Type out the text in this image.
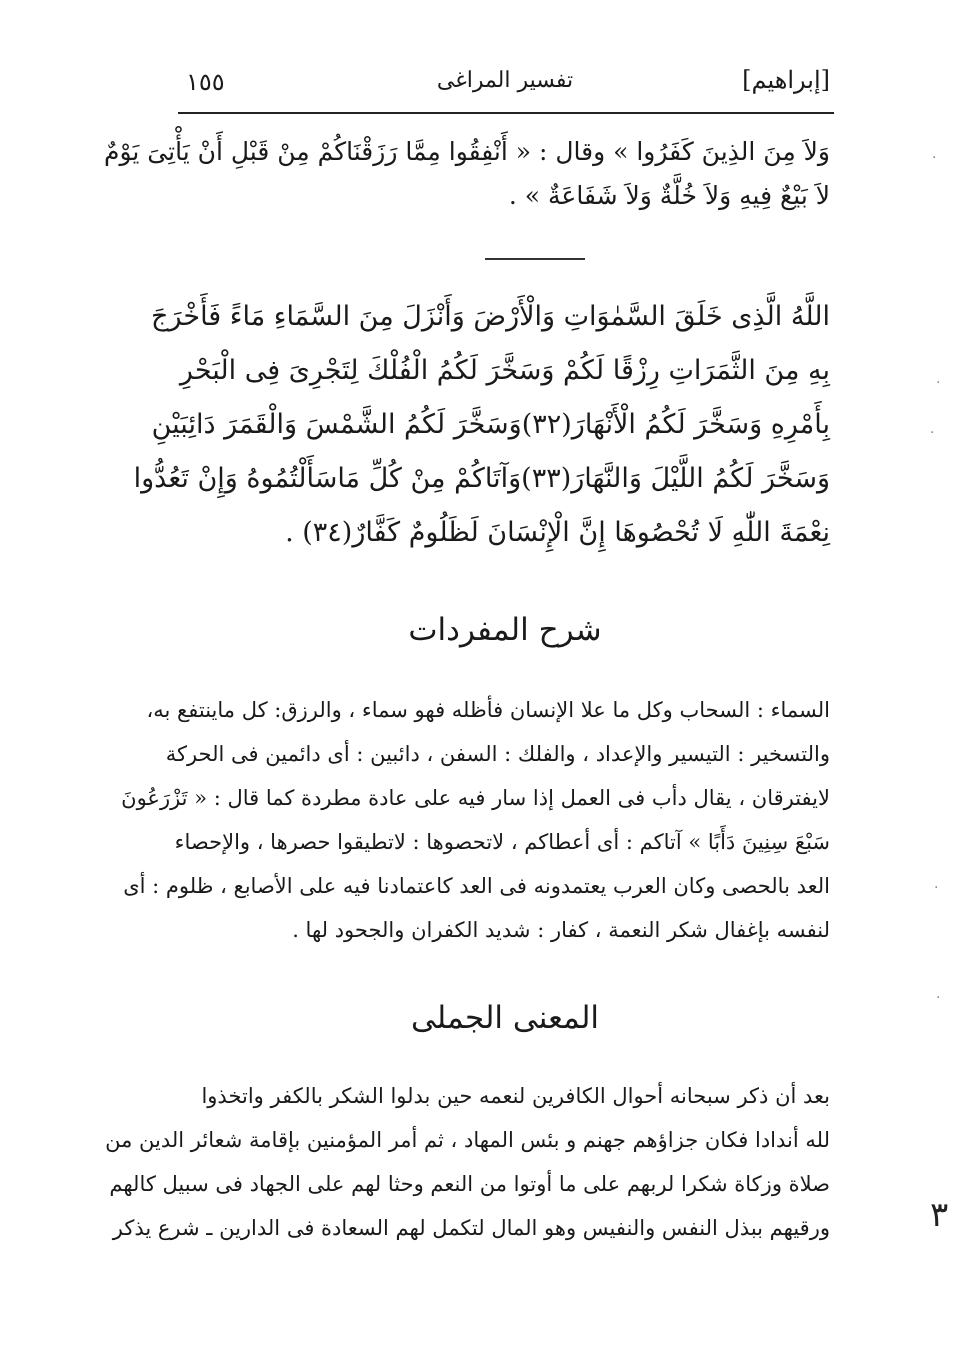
١٥٥	تفسير المراغى	[إبراهيم]
وَلاَ مِنَ الذِينَ كَفَرُوا » وقال : « أَنْفِقُوا مِمَّا رَزَقْنَاكُمْ مِنْ قَبْلِ أَنْ يَأْتِىَ يَوْمٌ
لاَ بَيْعٌ فِيهِ وَلاَ خُلَّةٌ وَلاَ شَفَاعَةٌ » .
اللَّهُ الَّذِى خَلَقَ السَّمٰوَاتِ وَالْأَرْضَ وَأَنْزَلَ مِنَ السَّمَاءِ مَاءً فَأَخْرَجَ
بِهِ مِنَ الثَّمَرَاتِ رِزْقًا لَكُمْ وَسَخَّرَ لَكُمُ الْفُلْكَ لِتَجْرِىَ فِى الْبَحْرِ
بِأَمْرِهِ وَسَخَّرَ لَكُمُ الْأَنْهَارَ(٣٢)وَسَخَّرَ لَكُمُ الشَّمْسَ وَالْقَمَرَ دَائِبَيْنِ
وَسَخَّرَ لَكُمُ اللَّيْلَ وَالنَّهَارَ(٣٣)وَآتَاكُمْ مِنْ كُلِّ مَاسَأَلْتُمُوهُ وَإِنْ تَعُدُّوا
نِعْمَةَ اللّٰهِ لَا تُحْصُوهَا إِنَّ الْإِنْسَانَ لَظَلُومٌ كَفَّارٌ(٣٤) .
شرح المفردات
السماء : السحاب وكل ما علا الإنسان فأظله فهو سماء ، والرزق: كل ماينتفع به،
والتسخير : التيسير والإعداد ، والفلك : السفن ، دائبين : أى دائمين فى الحركة
لايفترقان ، يقال دأب فى العمل إذا سار فيه على عادة مطردة كما قال : « تَزْرَعُونَ
سَبْعَ سِنِينَ دَأَبًا » آتاكم : أى أعطاكم ، لاتحصوها : لاتطيقوا حصرها ، والإحصاء
العد بالحصى وكان العرب يعتمدونه فى العد كاعتمادنا فيه على الأصابع ، ظلوم : أى
لنفسه بإغفال شكر النعمة ، كفار : شديد الكفران والجحود لها .
المعنى الجملى
بعد أن ذكر سبحانه أحوال الكافرين لنعمه حين بدلوا الشكر بالكفر واتخذوا
لله أندادا فكان جزاؤهم جهنم و بئس المهاد ، ثم أمر المؤمنين بإقامة شعائر الدين من
صلاة وزكاة شكرا لربهم على ما أوتوا من النعم وحثا لهم على الجهاد فى سبيل كالهم
ورقيهم ببذل النفس والنفيس وهو المال لتكمل لهم السعادة فى الدارين ـ شرع يذكر	٣
·
·
·
·
·
